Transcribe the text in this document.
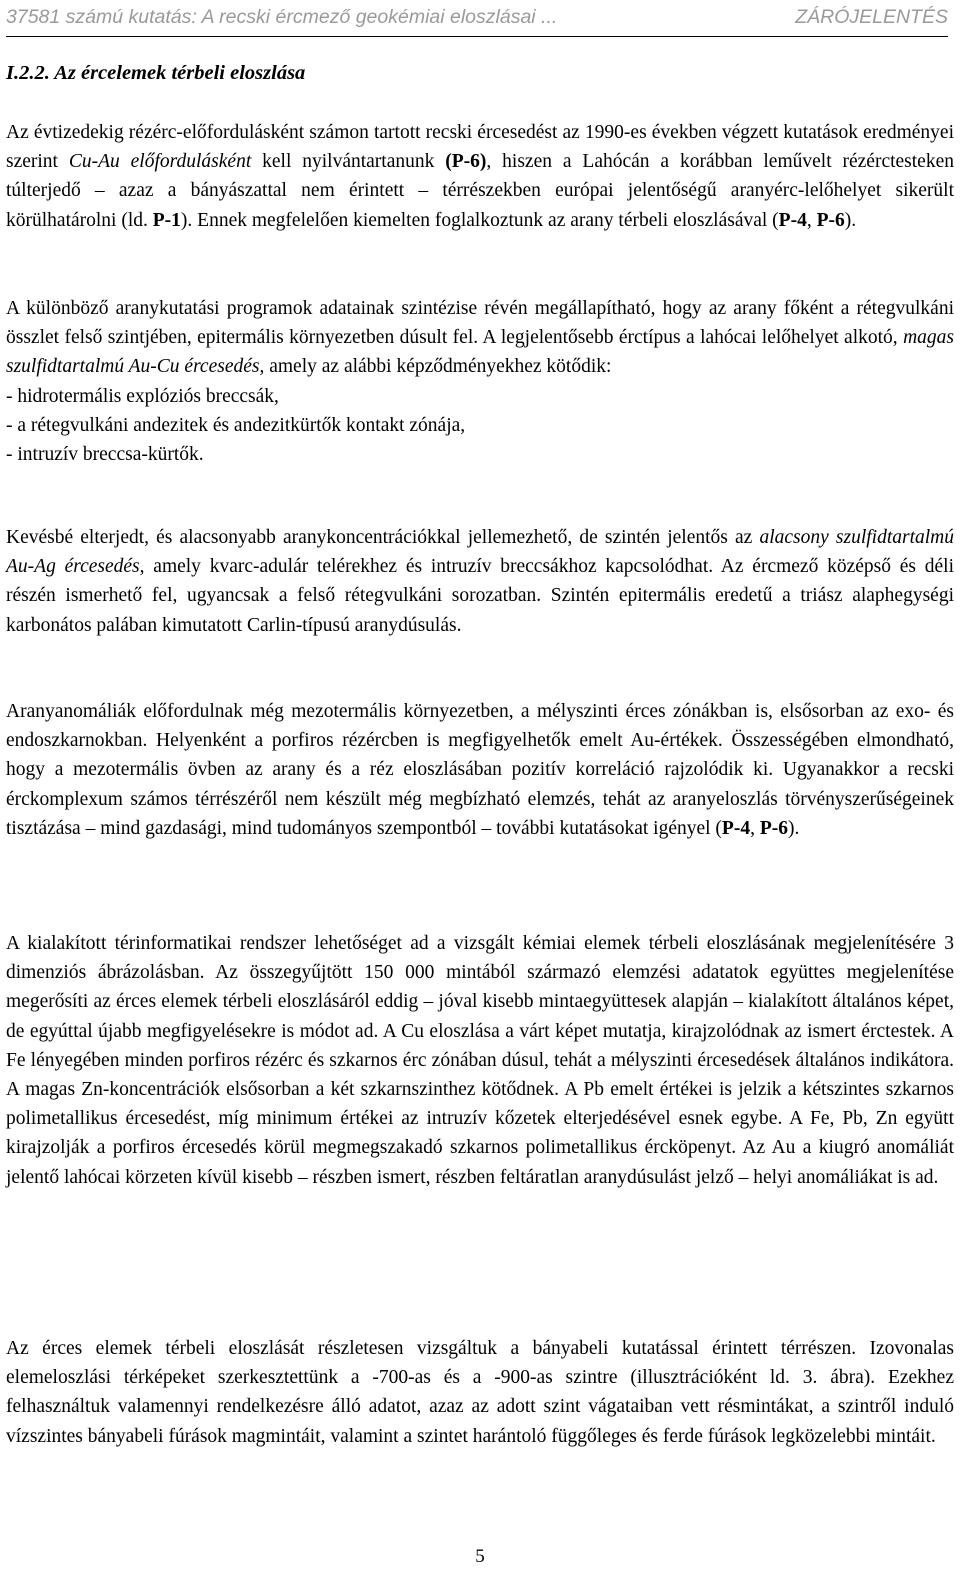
37581 számú kutatás: A recski ércmező geokémiai eloszlásai ...	ZÁRÓJELENTÉS
I.2.2. Az ércelemek térbeli eloszlása

Az évtizedekig rézérc-előfordulásként számon tartott recski ércesedést az 1990-es években végzett kutatások eredményei szerint Cu-Au előfordulásként kell nyilvántartanunk (P-6), hiszen a Lahócán a korábban leművelt rézérctesteken túlterjedő – azaz a bányászattal nem érintett – térrészekben európai jelentőségű aranyérc-lelőhelyet sikerült körülhatárolni (ld. P-1). Ennek megfelelően kiemelten foglalkoztunk az arany térbeli eloszlásával (P-4, P-6).

A különböző aranykutatási programok adatainak szintézise révén megállapítható, hogy az arany főként a rétegvulkáni összlet felső szintjében, epitermális környezetben dúsult fel. A legjelentősebb érctípus a lahócai lelőhelyet alkotó, magas szulfidtartalmú Au-Cu ércesedés, amely az alábbi képződményekhez kötődik:
- hidrotermális explóziós breccsák,
- a rétegvulkáni andezitek és andezitkürtők kontakt zónája,
- intruzív breccsa-kürtők.

Kevésbé elterjedt, és alacsonyabb aranykoncentrációkkal jellemezhető, de szintén jelentős az alacsony szulfidtartalmú Au-Ag ércesedés, amely kvarc-adulár telérekhez és intruzív breccsákhoz kapcsolódhat. Az ércmező középső és déli részén ismerhető fel, ugyancsak a felső rétegvulkáni sorozatban. Szintén epitermális eredetű a triász alaphegységi karbonátos palában kimutatott Carlin-típusú aranydúsulás.

Aranyanomáliák előfordulnak még mezotermális környezetben, a mélyszinti érces zónákban is, elsősorban az exo- és endoszkarnokban. Helyenként a porfiros rézércben is megfigyelhetők emelt Au-értékek. Összességében elmondható, hogy a mezotermális övben az arany és a réz eloszlásában pozitív korreláció rajzolódik ki. Ugyanakkor a recski érckomplexum számos térrészéről nem készült még megbízható elemzés, tehát az aranyeloszlás törvényszerűségeinek tisztázása – mind gazdasági, mind tudományos szempontból – további kutatásokat igényel (P-4, P-6).

A kialakított térinformatikai rendszer lehetőséget ad a vizsgált kémiai elemek térbeli eloszlásának megjelenítésére 3 dimenziós ábrázolásban. Az összegyűjtött 150 000 mintából származó elemzési adatatok együttes megjelenítése megerősíti az érces elemek térbeli eloszlásáról eddig – jóval kisebb mintaegyüttesek alapján – kialakított általános képet, de egyúttal újabb megfigyelésekre is módot ad. A Cu eloszlása a várt képet mutatja, kirajzolódnak az ismert érctestek. A Fe lényegében minden porfiros rézérc és szkarnos érc zónában dúsul, tehát a mélyszinti ércesedések általános indikátora. A magas Zn-koncentrációk elsősorban a két szkarnszinthez kötődnek. A Pb emelt értékei is jelzik a kétszintes szkarnos polimetallikus ércesedést, míg minimum értékei az intruzív kőzetek elterjedésével esnek egybe. A Fe, Pb, Zn együtt kirajzolják a porfiros ércesedés körül megmegszakadó szkarnos polimetallikus ércköpenyt. Az Au a kiugró anomáliát jelentő lahócai körzeten kívül kisebb – részben ismert, részben feltáratlan aranydúsulást jelző – helyi anomáliákat is ad.

Az érces elemek térbeli eloszlását részletesen vizsgáltuk a bányabeli kutatással érintett térrészen. Izovonalas elemeloszlási térképeket szerkesztettünk a -700-as és a -900-as szintre (illusztrációként ld. 3. ábra). Ezekhez felhasználtuk valamennyi rendelkezésre álló adatot, azaz az adott szint vágataiban vett résmintákat, a szintről induló vízszintes bányabeli fúrások magmintáit, valamint a szintet harántoló függőleges és ferde fúrások legközelebbi mintáit.

5
